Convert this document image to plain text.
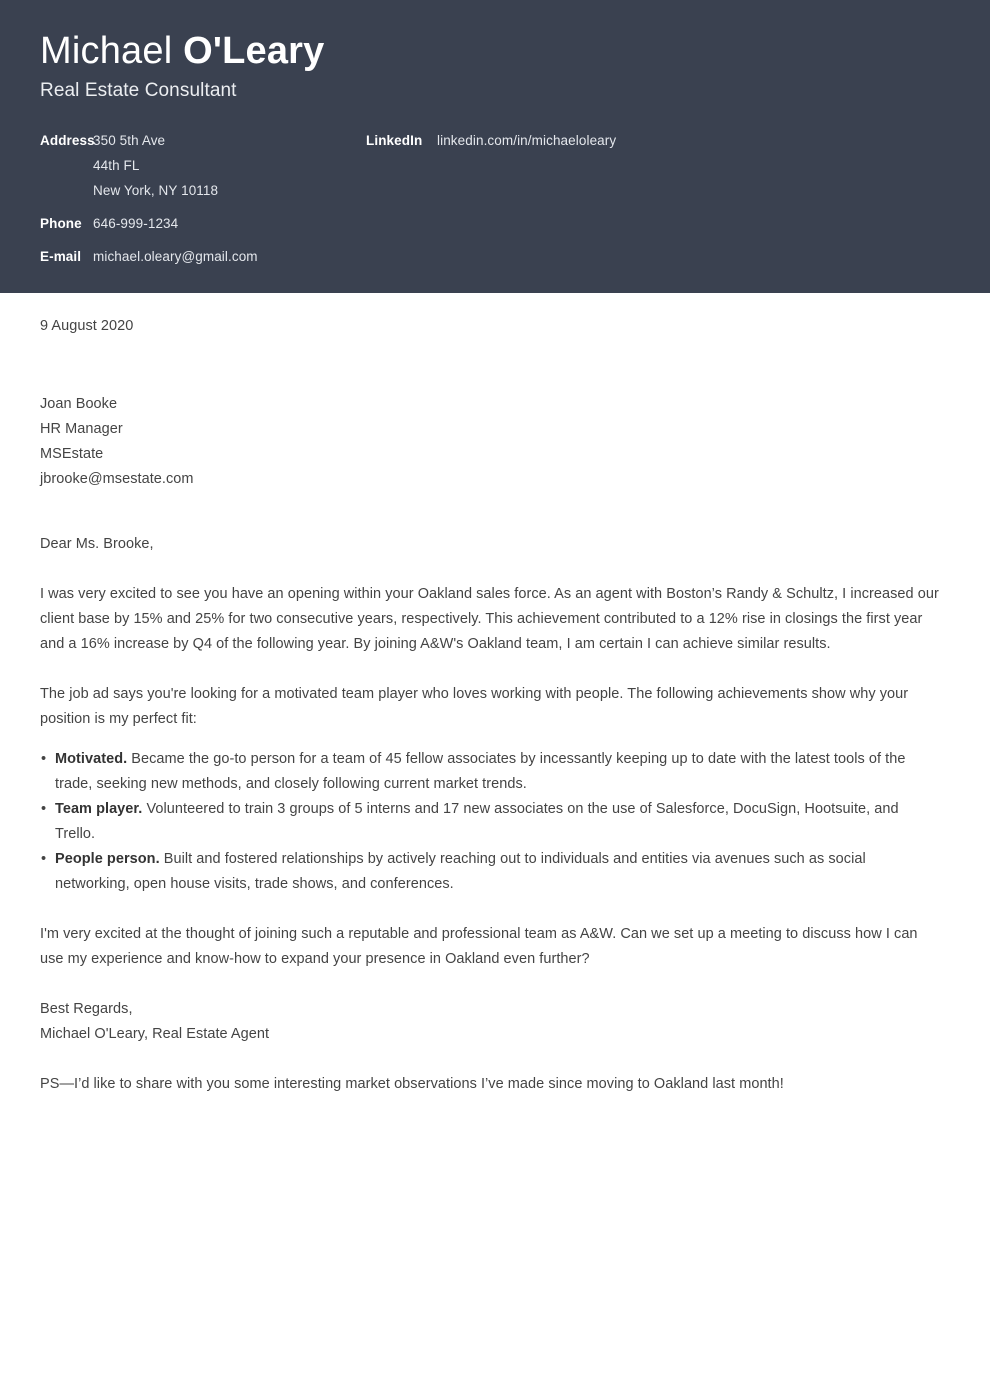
Michael O'Leary
Real Estate Consultant
Address
350 5th Ave
44th FL
New York, NY 10118
Phone 646-999-1234
E-mail michael.oleary@gmail.com
LinkedIn	linkedin.com/in/michaeloleary
9 August 2020
Joan Booke
HR Manager
MSEstate
jbrooke@msestate.com
Dear Ms. Brooke,

I was very excited to see you have an opening within your Oakland sales force. As an agent with Boston’s Randy & Schultz, I increased our client base by 15% and 25% for two consecutive years, respectively. This achievement contributed to a 12% rise in closings the first year and a 16% increase by Q4 of the following year. By joining A&W's Oakland team, I am certain I can achieve similar results.

The job ad says you're looking for a motivated team player who loves working with people. The following achievements show why your position is my perfect fit:

• Motivated. Became the go-to person for a team of 45 fellow associates by incessantly keeping up to date with the latest tools of the trade, seeking new methods, and closely following current market trends.
• Team player. Volunteered to train 3 groups of 5 interns and 17 new associates on the use of Salesforce, DocuSign, Hootsuite, and Trello.
• People person. Built and fostered relationships by actively reaching out to individuals and entities via avenues such as social networking, open house visits, trade shows, and conferences.

I'm very excited at the thought of joining such a reputable and professional team as A&W. Can we set up a meeting to discuss how I can use my experience and know-how to expand your presence in Oakland even further?

Best Regards,
Michael O'Leary, Real Estate Agent
PS—I’d like to share with you some interesting market observations I’ve made since moving to Oakland last month!
